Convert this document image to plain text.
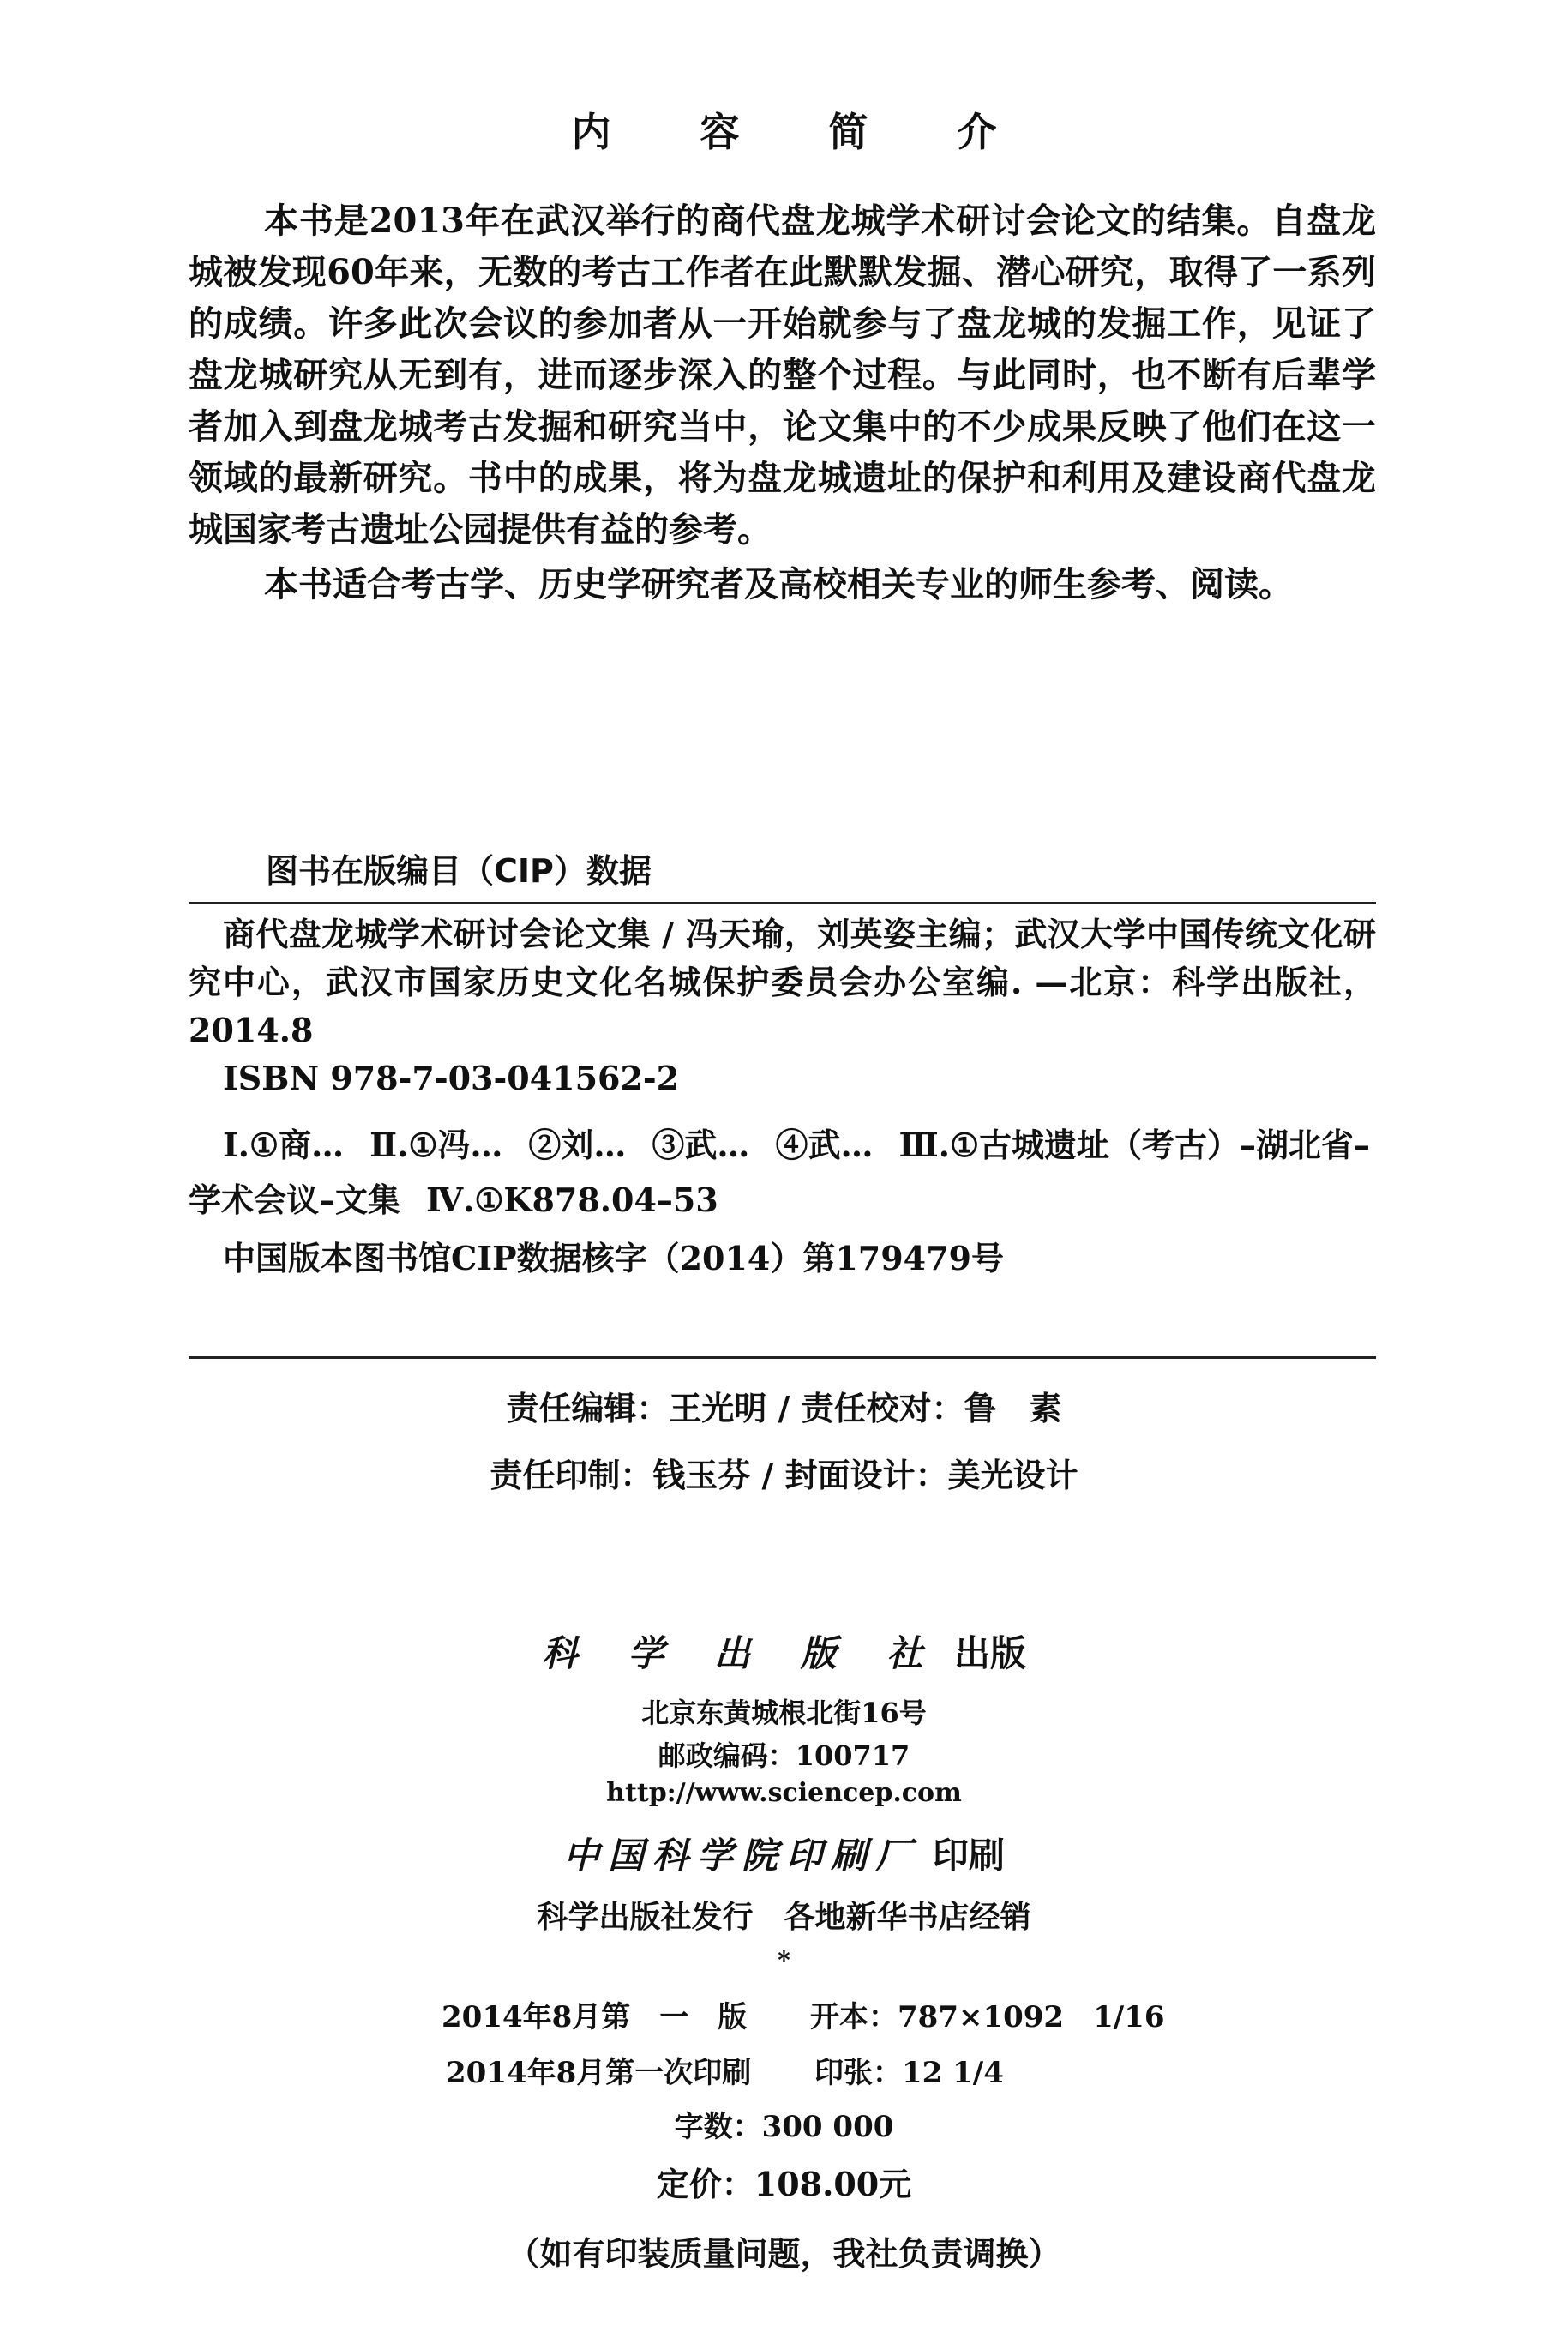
内 容 简 介

本书是2013年在武汉举行的商代盘龙城学术研讨会论文的结集。自盘龙城被发现60年来，无数的考古工作者在此默默发掘、潜心研究，取得了一系列的成绩。许多此次会议的参加者从一开始就参与了盘龙城的发掘工作，见证了盘龙城研究从无到有，进而逐步深入的整个过程。与此同时，也不断有后辈学者加入到盘龙城考古发掘和研究当中，论文集中的不少成果反映了他们在这一领域的最新研究。书中的成果，将为盘龙城遗址的保护和利用及建设商代盘龙城国家考古遗址公园提供有益的参考。

本书适合考古学、历史学研究者及高校相关专业的师生参考、阅读。

图书在版编目（CIP）数据
商代盘龙城学术研讨会论文集 / 冯天瑜，刘英姿主编；武汉大学中国传统文化研究中心，武汉市国家历史文化名城保护委员会办公室编. —北京：科学出版社，2014.8
ISBN 978-7-03-041562-2
Ⅰ.①商… Ⅱ.①冯… ②刘… ③武… ④武… Ⅲ.①古城遗址（考古）–湖北省–学术会议–文集 Ⅳ.①K878.04–53
中国版本图书馆CIP数据核字（2014）第179479号
责任编辑：王光明 / 责任校对：鲁　素
责任印制：钱玉芬 / 封面设计：美光设计
科 学 出 版 社 出版
北京东黄城根北街16号
邮政编码：100717
http://www.sciencep.com
中国科学院印刷厂 印刷
科学出版社发行　各地新华书店经销
*
2014年8月第　一　版 开本：787×1092　1/16
2014年8月第一次印刷 印张：12 1/4
字数：300 000
定价：108.00元
（如有印装质量问题，我社负责调换）
